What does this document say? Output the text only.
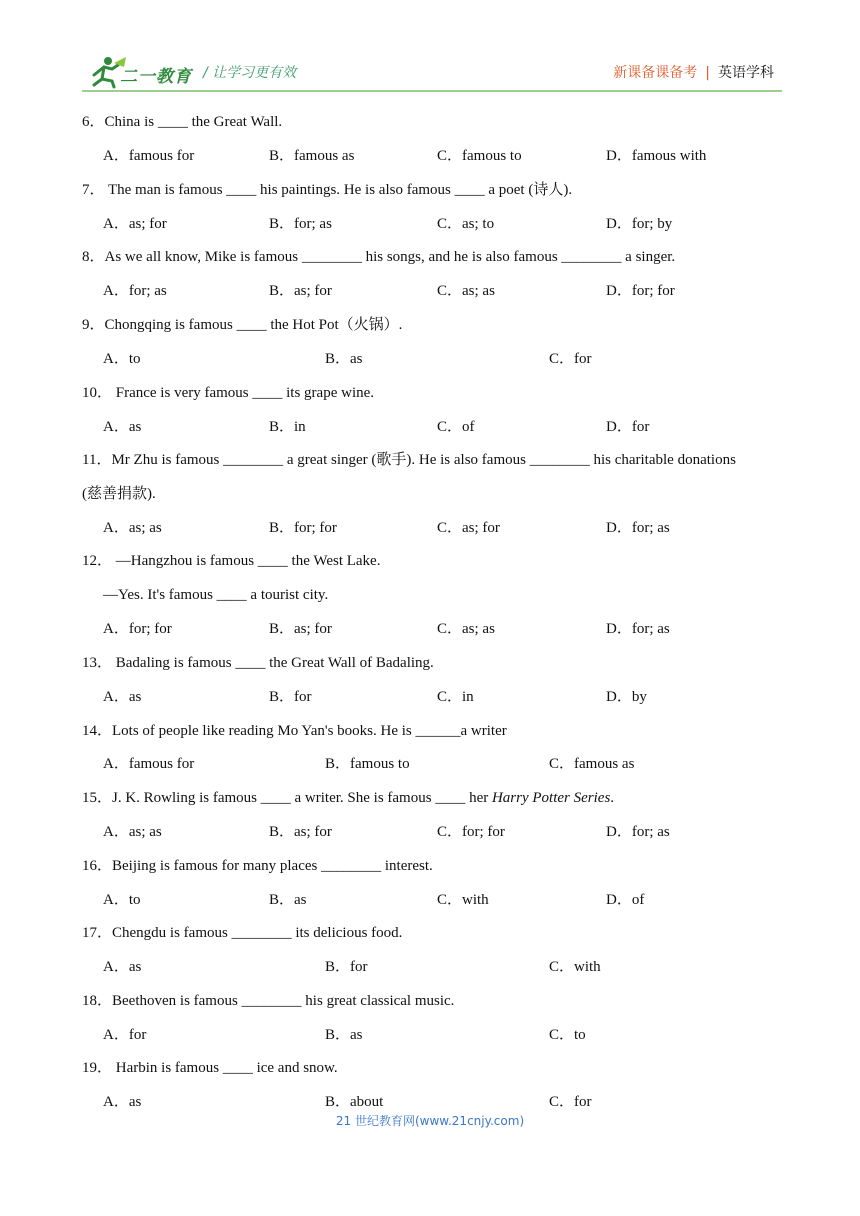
二一教育 / 让学习更有效	新课备课备考 | 英语学科
6．China is ____ the Great Wall.
A．famous for	B．famous as	C．famous to	D．famous with
7． The man is famous ____ his paintings. He is also famous ____ a poet (诗人).
A．as; for	B．for; as	C．as; to	D．for; by
8．As we all know, Mike is famous ________ his songs, and he is also famous ________ a singer.
A．for; as	B．as; for	C．as; as	D．for; for
9．Chongqing is famous ____ the Hot Pot（火锅）.
A．to	B．as	C．for
10． France is very famous ____ its grape wine.
A．as	B．in	C．of	D．for
11．Mr Zhu is famous ________ a great singer (歌手). He is also famous ________ his charitable donations
(慈善捐款).
A．as; as	B．for; for	C．as; for	D．for; as
12． —Hangzhou is famous ____ the West Lake.
—Yes. It's famous ____ a tourist city.
A．for; for	B．as; for	C．as; as	D．for; as
13． Badaling is famous ____ the Great Wall of Badaling.
A．as	B．for	C．in	D．by
14．Lots of people like reading Mo Yan's books. He is ______a writer
A．famous for	B．famous to	C．famous as
15．J. K. Rowling is famous ____ a writer. She is famous ____ her Harry Potter Series.
A．as; as	B．as; for	C．for; for	D．for; as
16．Beijing is famous for many places ________ interest.
A．to	B．as	C．with	D．of
17．Chengdu is famous ________ its delicious food.
A．as	B．for	C．with
18．Beethoven is famous ________ his great classical music.
A．for	B．as	C．to
19． Harbin is famous ____ ice and snow.
A．as	B．about	C．for
21 世纪教育网(www.21cnjy.com)
